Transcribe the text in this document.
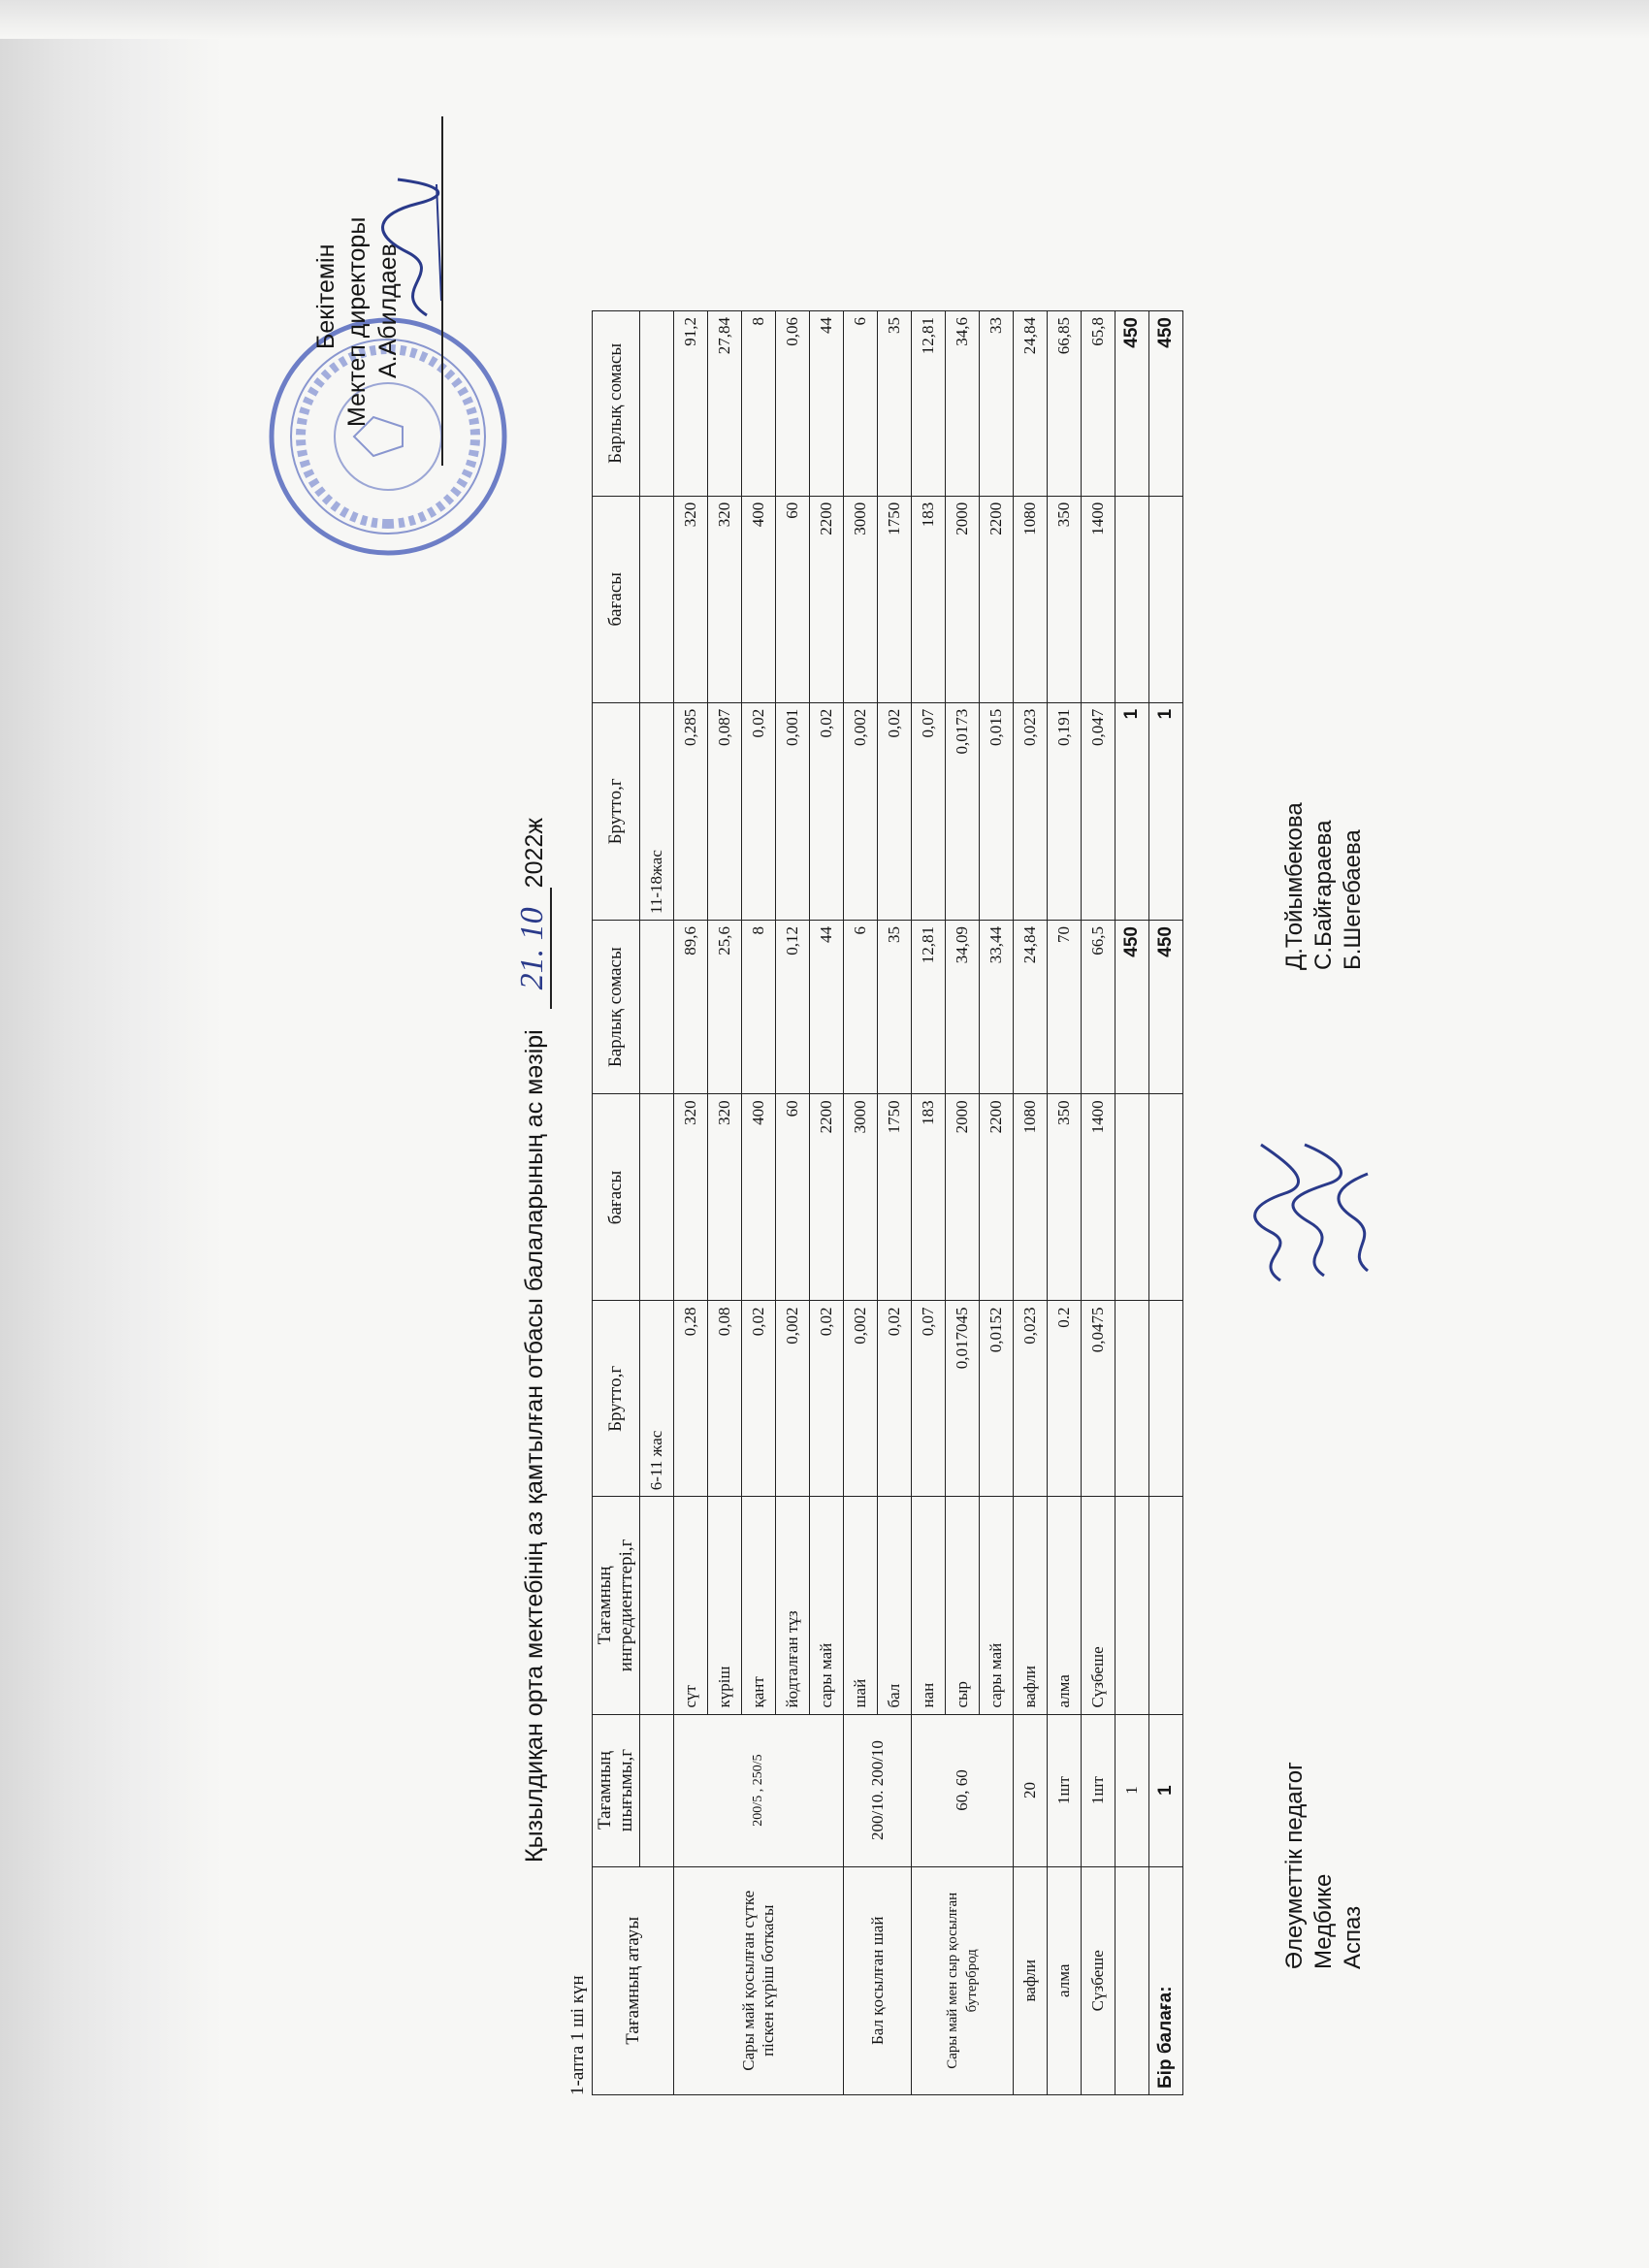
Бекітемін Мектеп директоры А.Абилдаев
Қызылдиқан орта мектебінің аз қамтылған отбасы балаларының ас мәзірі 21. 102022ж
1-апта 1 ші күн Тағамның атауы	Тағамның шығымы,г	Тағамның ингредиенттері,г	Брутто,г	бағасы	Барлық сомасы	Брутто,г	бағасы	Барлық сомасы
			6-11 жас			11-18жас		
Сары май қосылған сүтке піскен күріш боткасы	200/5 , 250/5	сүт	0,28	320	89,6	0,285	320	91,2
		күріш	0,08	320	25,6	0,087	320	27,84
		қант	0,02	400	8	0,02	400	8
		йодталған тұз	0,002	60	0,12	0,001	60	0,06
		сары май	0,02	2200	44	0,02	2200	44
Бал қосылған шай	200/10. 200/10	шай	0,002	3000	6	0,002	3000	6
		бал	0,02	1750	35	0,02	1750	35
Сары май мен сыр қосылған бутерброд	60, 60	нан	0,07	183	12,81	0,07	183	12,81
		сыр	0,017045	2000	34,09	0,0173	2000	34,6
		сары май	0,0152	2200	33,44	0,015	2200	33
вафли	20	вафли	0,023	1080	24,84	0,023	1080	24,84
алма	1шт	алма	0.2	350	70	0,191	350	66,85
Сүзбеше	1шт	Сүзбеше	0,0475	1400	66,5	0,047	1400	65,8
	1				450	1		450
Бір балаға:	1				450	1		450
Әлеуметтік педагог Медбике Аспаз
Д.Тойымбекова С.Байғараева Б.Шегебаева
